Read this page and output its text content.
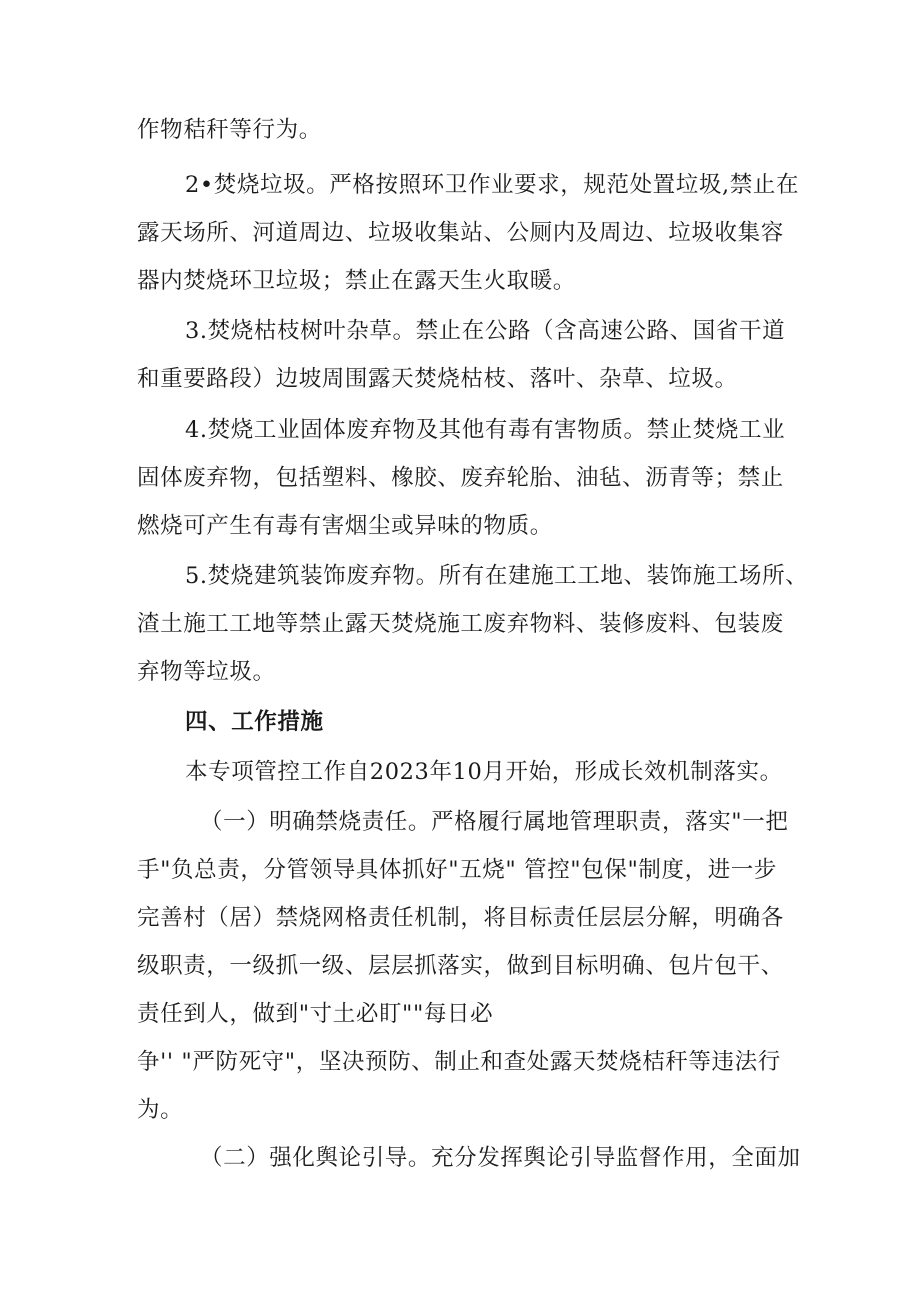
作物秸秆等行为。
2•焚烧垃圾。严格按照环卫作业要求，规范处置垃圾,禁止在
露天场所、河道周边、垃圾收集站、公厕内及周边、垃圾收集容
器内焚烧环卫垃圾；禁止在露天生火取暖。
3.焚烧枯枝树叶杂草。禁止在公路（含高速公路、国省干道
和重要路段）边坡周围露天焚烧枯枝、落叶、杂草、垃圾。
4.焚烧工业固体废弃物及其他有毒有害物质。禁止焚烧工业
固体废弃物，包括塑料、橡胶、废弃轮胎、油毡、沥青等；禁止
燃烧可产生有毒有害烟尘或异味的物质。
5.焚烧建筑装饰废弃物。所有在建施工工地、装饰施工场所、
渣土施工工地等禁止露天焚烧施工废弃物料、装修废料、包装废
弃物等垃圾。
四、工作措施
本专项管控工作自2023年10月开始，形成长效机制落实。
（一）明确禁烧责任。严格履行属地管理职责，落实"一把
手"负总责，分管领导具体抓好"五烧" 管控"包保"制度，进一步
完善村（居）禁烧网格责任机制，将目标责任层层分解，明确各
级职责，一级抓一级、层层抓落实，做到目标明确、包片包干、
责任到人，做到"寸土必盯""每日必
争'' "严防死守"，坚决预防、制止和查处露天焚烧桔秆等违法行
为。
（二）强化舆论引导。充分发挥舆论引导监督作用，全面加
